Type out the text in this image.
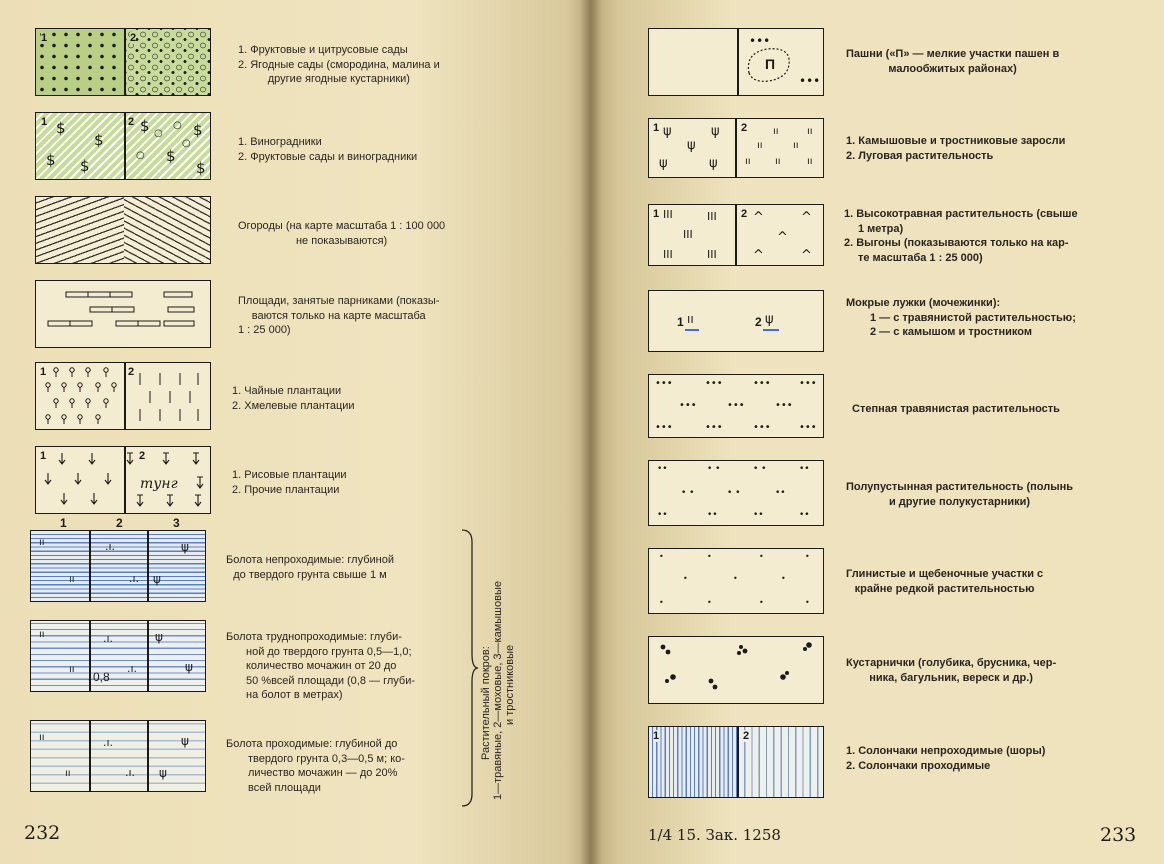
1	2
1. Фруктовые и цитрусовые сады
2. Ягодные сады (смородина, малина и
другие ягодные кустарники)
1	2
$
$
$ $
$	$
$
$
○
○
○
○	1. Виноградники
2. Фруктовые сады и виноградники
Огороды (на карте масштаба 1 : 100 000
не показываются)
Площади, занятые парниками (показы-
ваются только на карте масштаба
1 : 25 000)
1	2
1. Чайные плантации
2. Хмелевые плантации
1	2
тунг
1. Рисовые плантации
2. Прочие плантации
1	2	3
ıı
ıı
.ı.
.ı.
ψ
ψ
Болота непроходимые: глубиной
до твердого грунта свыше 1 м
ıı
ıı
.ı.
.ı.
ψ
ψ
↓0,8
Болота труднопроходимые: глуби-
ной до твердого грунта 0,5—1,0;
количество мочажин от 20 до
50 %всей площади (0,8 — глуби-
на болот в метрах)
ıı
ıı
.ı.
.ı.
ψ
ψ
Болота проходимые: глубиной до
твердого грунта 0,3—0,5 м; ко-
личество мочажин — до 20%
всей площади
Растительный покров: 1—травяные, 2—моховые, 3—камышовые и тростниковые
232
•••
•••
П
Пашни («П» — мелкие участки пашен в
малообжитых районах)
1	2
ψ	ψ
ψ
ψ	ψ
ıı	ıı
ıı	ıı
ıı ıı	ıı
1. Камышовые и тростниковые заросли
2. Луговая растительность
1	2
III	III
III
III	III
^	^
^
^	^
1. Высокотравная растительность (свыше
1 метра)
2. Выгоны (показываются только на кар-
те масштаба 1 : 25 000)
1 ıı	2 ψ
Мокрые лужки (мочежинки):
1 — с травянистой растительностью;
2 — с камышом и тростником
•••	•••	•••	•••
•••	•••	•••
•••	•••	•••	•••
Степная травянистая растительность
••	• •	• •	••
• •	• •	••
••	••	••	••
Полупустынная растительность (полынь
и другие полукустарники)
•	•	•	•
•	•	•
•	•	•	•
Глинистые и щебеночные участки с
крайне редкой растительностью
Кустарнички (голубика, брусника, чер-
ника, багульник, вереск и др.)
1	2
1. Солончаки непроходимые (шоры)
2. Солончаки проходимые
1/4 15. Зак. 1258	233
